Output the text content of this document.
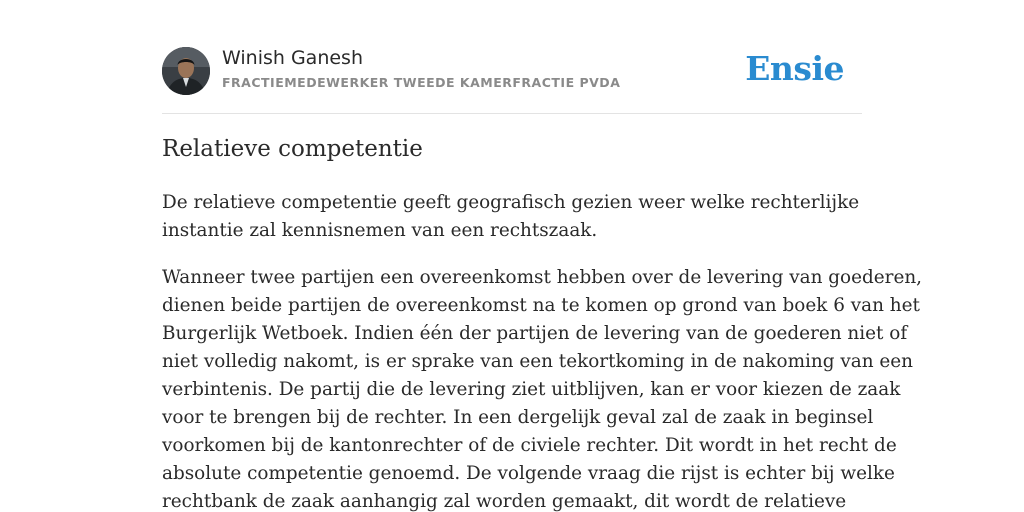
Winish Ganesh
FRACTIEMEDEWERKER TWEEDE KAMERFRACTIE PVDA	Ensie
Relatieve competentie
De relatieve competentie geeft geografisch gezien weer welke rechterlijke
instantie zal kennisnemen van een rechtszaak.
Wanneer twee partijen een overeenkomst hebben over de levering van goederen,
dienen beide partijen de overeenkomst na te komen op grond van boek 6 van het
Burgerlijk Wetboek. Indien één der partijen de levering van de goederen niet of
niet volledig nakomt, is er sprake van een tekortkoming in de nakoming van een
verbintenis. De partij die de levering ziet uitblijven, kan er voor kiezen de zaak
voor te brengen bij de rechter. In een dergelijk geval zal de zaak in beginsel
voorkomen bij de kantonrechter of de civiele rechter. Dit wordt in het recht de
absolute competentie genoemd. De volgende vraag die rijst is echter bij welke
rechtbank de zaak aanhangig zal worden gemaakt, dit wordt de relatieve
